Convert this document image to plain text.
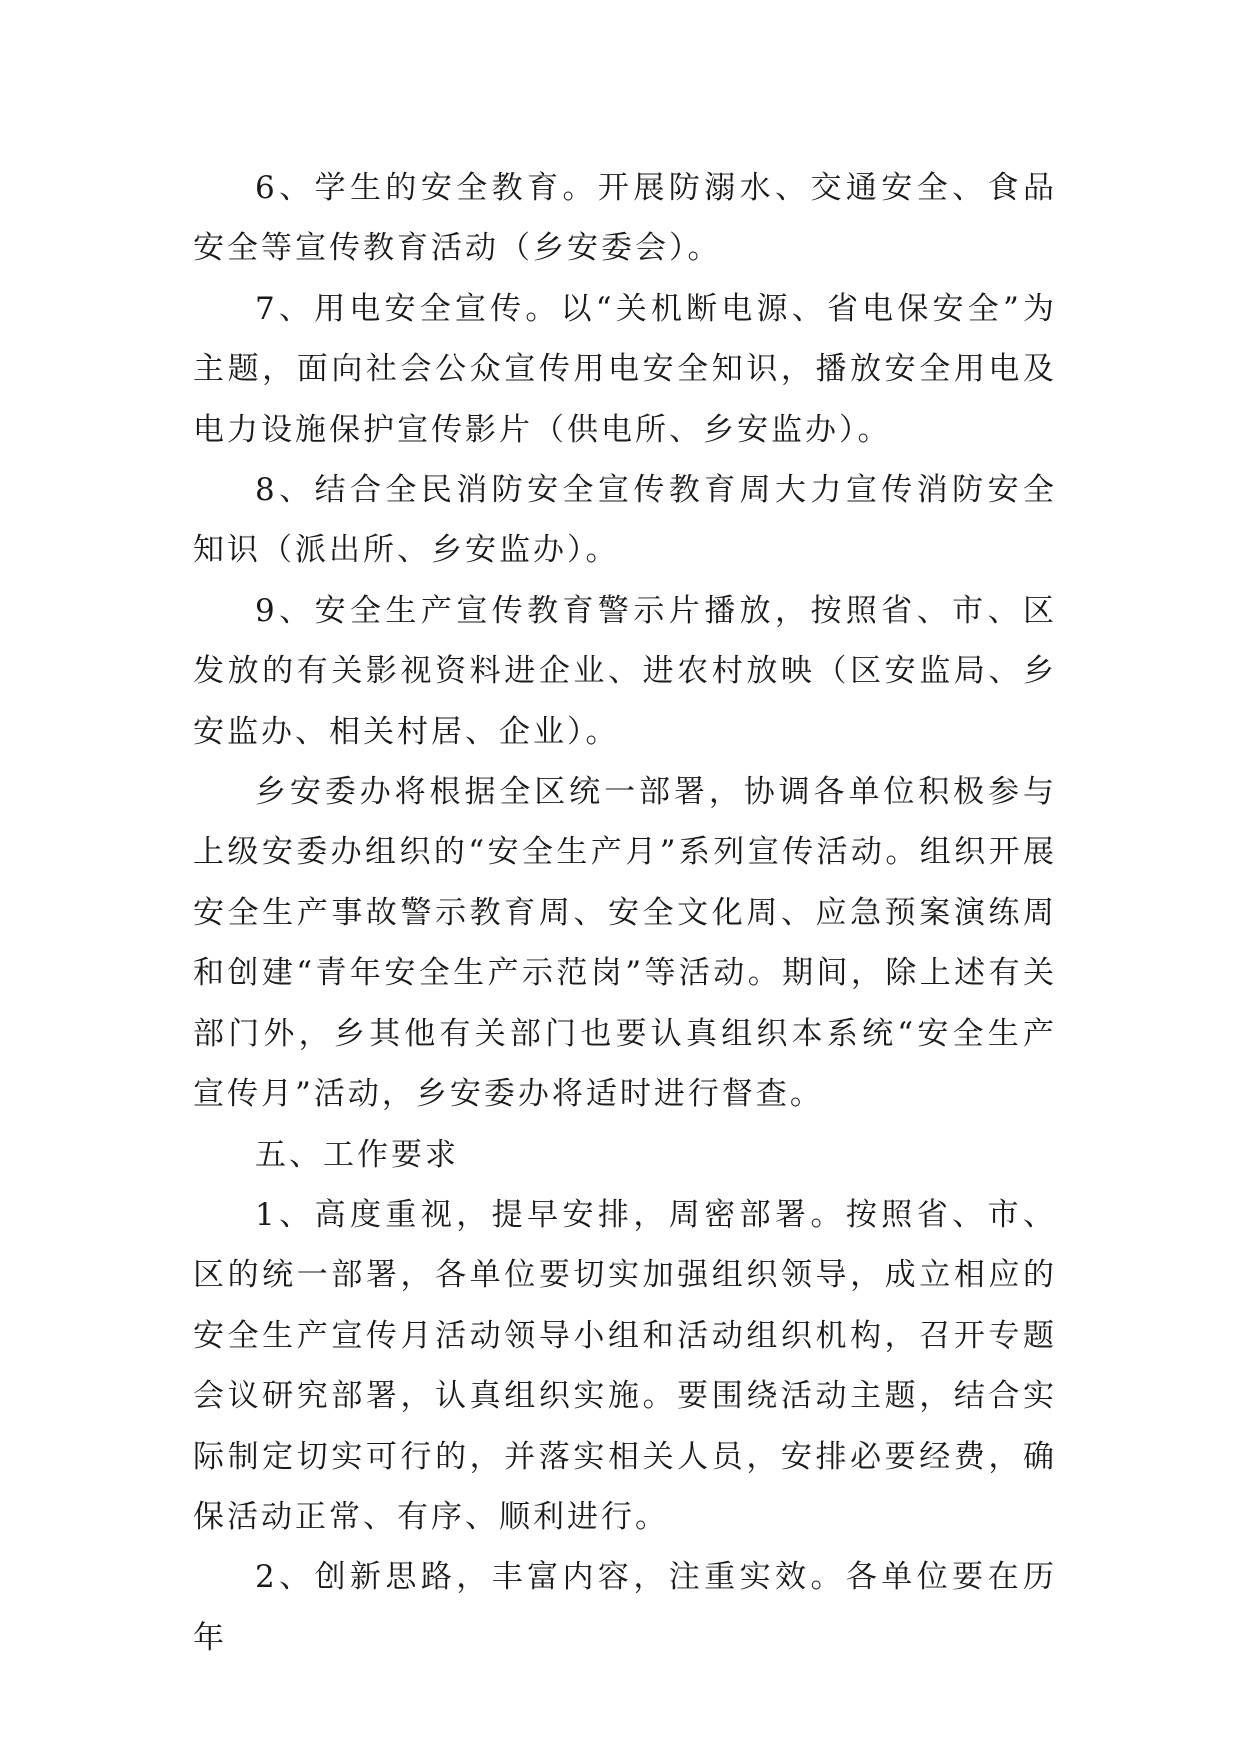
6、学生的安全教育。开展防溺水、交通安全、食品安全等宣传教育活动（乡安委会）。

7、用电安全宣传。以“关机断电源、省电保安全”为主题，面向社会公众宣传用电安全知识，播放安全用电及电力设施保护宣传影片（供电所、乡安监办）。

8、结合全民消防安全宣传教育周大力宣传消防安全知识（派出所、乡安监办）。

9、安全生产宣传教育警示片播放，按照省、市、区发放的有关影视资料进企业、进农村放映（区安监局、乡安监办、相关村居、企业）。

乡安委办将根据全区统一部署，协调各单位积极参与上级安委办组织的“安全生产月”系列宣传活动。组织开展安全生产事故警示教育周、安全文化周、应急预案演练周和创建“青年安全生产示范岗”等活动。期间，除上述有关部门外，乡其他有关部门也要认真组织本系统“安全生产宣传月”活动，乡安委办将适时进行督查。

五、工作要求

1、高度重视，提早安排，周密部署。按照省、市、区的统一部署，各单位要切实加强组织领导，成立相应的安全生产宣传月活动领导小组和活动组织机构，召开专题会议研究部署，认真组织实施。要围绕活动主题，结合实际制定切实可行的，并落实相关人员，安排必要经费，确保活动正常、有序、顺利进行。

2、创新思路，丰富内容，注重实效。各单位要在历年
